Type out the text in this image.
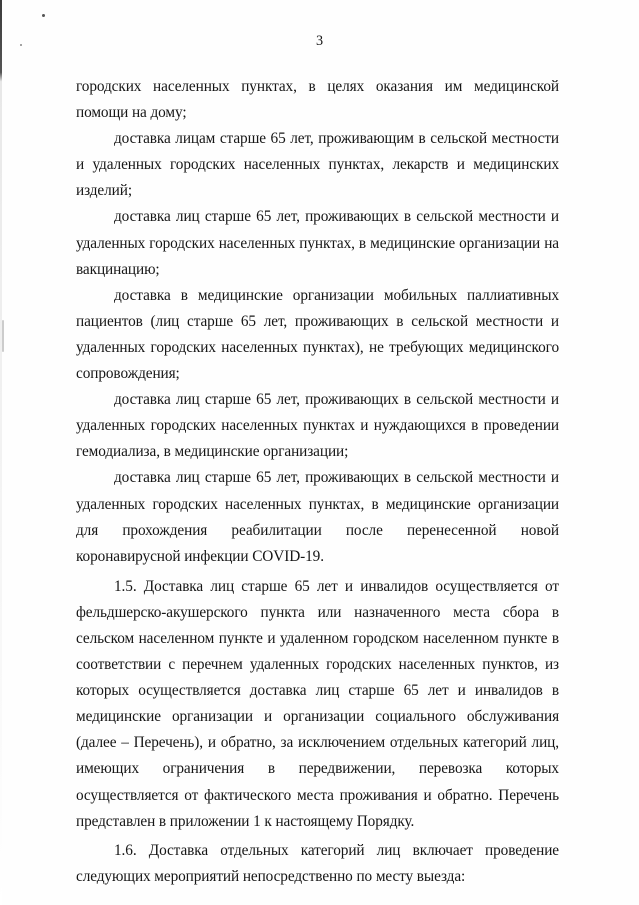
3

городских населенных пунктах, в целях оказания им медицинской помощи на дому;

доставка лицам старше 65 лет, проживающим в сельской местности и удаленных городских населенных пунктах, лекарств и медицинских изделий;

доставка лиц старше 65 лет, проживающих в сельской местности и удаленных городских населенных пунктах, в медицинские организации на вакцинацию;

доставка в медицинские организации мобильных паллиативных пациентов (лиц старше 65 лет, проживающих в сельской местности и удаленных городских населенных пунктах), не требующих медицинского сопровождения;

доставка лиц старше 65 лет, проживающих в сельской местности и удаленных городских населенных пунктах и нуждающихся в проведении гемодиализа, в медицинские организации;

доставка лиц старше 65 лет, проживающих в сельской местности и удаленных городских населенных пунктах, в медицинские организации для прохождения реабилитации после перенесенной новой коронавирусной инфекции COVID-19.

1.5. Доставка лиц старше 65 лет и инвалидов осуществляется от фельдшерско-акушерского пункта или назначенного места сбора в сельском населенном пункте и удаленном городском населенном пункте в соответствии с перечнем удаленных городских населенных пунктов, из которых осуществляется доставка лиц старше 65 лет и инвалидов в медицинские организации и организации социального обслуживания (далее – Перечень), и обратно, за исключением отдельных категорий лиц, имеющих ограничения в передвижении, перевозка которых осуществляется от фактического места проживания и обратно. Перечень представлен в приложении 1 к настоящему Порядку.

1.6. Доставка отдельных категорий лиц включает проведение следующих мероприятий непосредственно по месту выезда:
